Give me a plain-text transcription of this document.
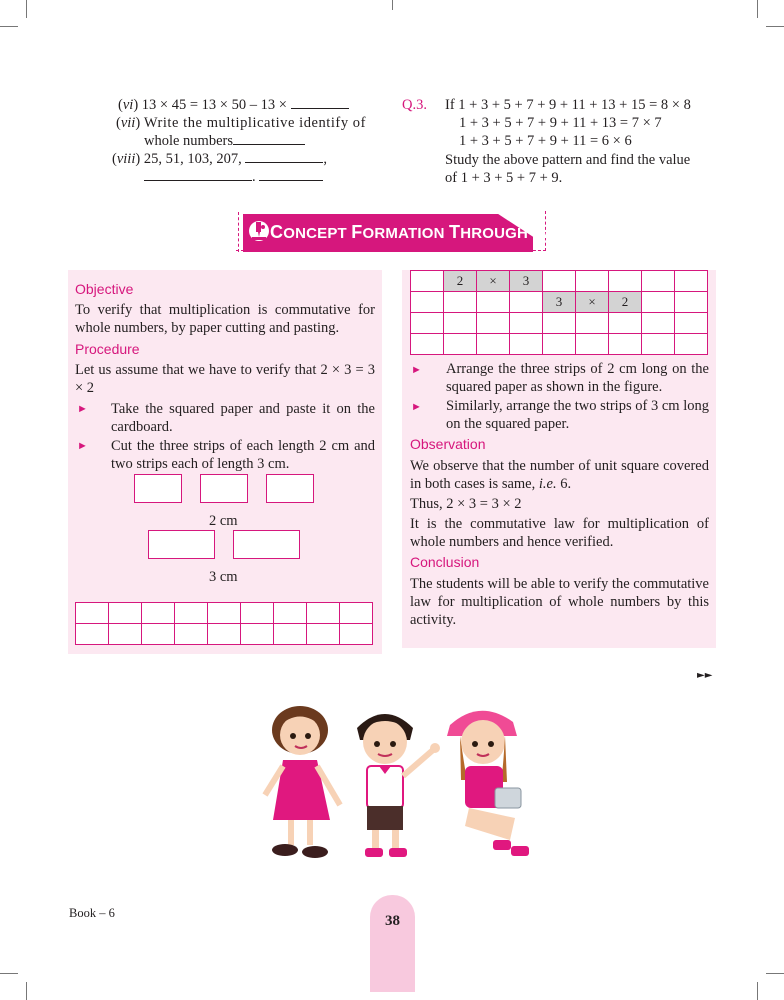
(vi) 13 × 45 = 13 × 50 – 13 ×
(vii) Write the multiplicative identify of
whole numbers
(viii) 25, 51, 103, 207,	,
.
Q.3. If 1 + 3 + 5 + 7 + 9 + 11 + 13 + 15 = 8 × 8
1 + 3 + 5 + 7 + 9 + 11 + 13 = 7 × 7
1 + 3 + 5 + 7 + 9 + 11 = 6 × 6
Study the above pattern and find the value
of 1 + 3 + 5 + 7 + 9.
CONCEPT FORMATION THROUGH LAB
Objective
To verify that multiplication is commutative for whole numbers, by paper cutting and pasting.
Procedure
Let us assume that we have to verify that 2 × 3 = 3 × 2
► Take the squared paper and paste it on the cardboard.
► Cut the three strips of each length 2 cm and two strips each of length 3 cm.
2 cm
3 cm

	2	×	3					
				3	×	2		

► Arrange the three strips of 2 cm long on the squared paper as shown in the figure.
► Similarly, arrange the two strips of 3 cm long on the squared paper.
Observation
We observe that the number of unit square covered in both cases is same, i.e. 6.
Thus, 2 × 3 = 3 × 2
It is the commutative law for multiplication of whole numbers and hence verified.
Conclusion
The students will be able to verify the commutative law for multiplication of whole numbers by this activity.
►►
Book – 6	38
